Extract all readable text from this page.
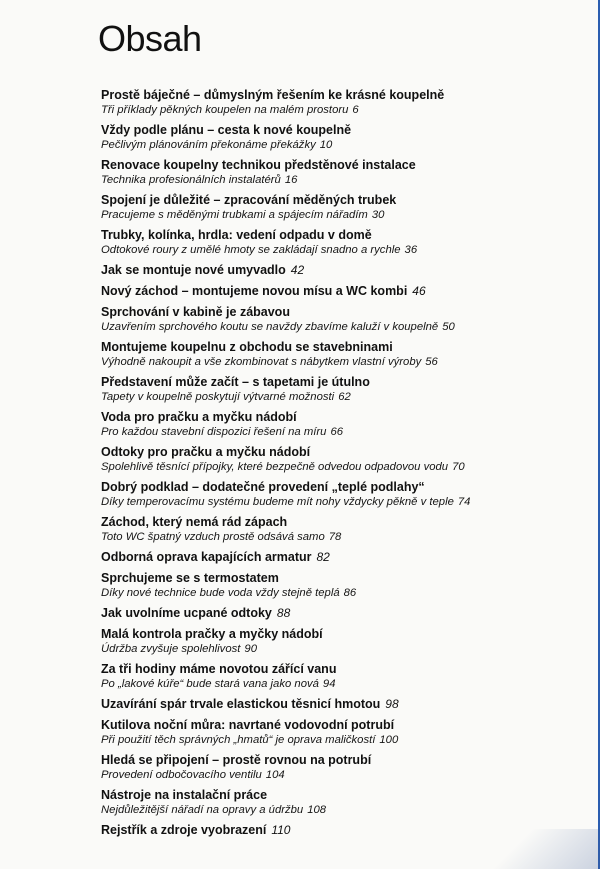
Obsah
Prostě báječné – důmyslným řešením ke krásné koupelně
Tři příklady pěkných koupelen na malém prostoru 6
Vždy podle plánu – cesta k nové koupelně
Pečlivým plánováním překonáme překážky 10
Renovace koupelny technikou předstěnové instalace
Technika profesionálních instalatérů 16
Spojení je důležité – zpracování měděných trubek
Pracujeme s měděnými trubkami a spájecím nářadím 30
Trubky, kolínka, hrdla: vedení odpadu v domě
Odtokové roury z umělé hmoty se zakládají snadno a rychle 36
Jak se montuje nové umyvadlo 42
Nový záchod – montujeme novou mísu a WC kombi 46
Sprchování v kabině je zábavou
Uzavřením sprchového koutu se navždy zbavíme kaluží v koupelně 50
Montujeme koupelnu z obchodu se stavebninami
Výhodně nakoupit a vše zkombinovat s nábytkem vlastní výroby 56
Představení může začít – s tapetami je útulno
Tapety v koupelně poskytují výtvarné možnosti 62
Voda pro pračku a myčku nádobí
Pro každou stavební dispozici řešení na míru 66
Odtoky pro pračku a myčku nádobí
Spolehlivě těsnící přípojky, které bezpečně odvedou odpadovou vodu 70
Dobrý podklad – dodatečné provedení „teplé podlahy“
Díky temperovacímu systému budeme mít nohy vždycky pěkně v teple 74
Záchod, který nemá rád zápach
Toto WC špatný vzduch prostě odsává samo 78
Odborná oprava kapajících armatur 82
Sprchujeme se s termostatem
Díky nové technice bude voda vždy stejně teplá 86
Jak uvolníme ucpané odtoky 88
Malá kontrola pračky a myčky nádobí
Údržba zvyšuje spolehlivost 90
Za tři hodiny máme novotou zářící vanu
Po „lakové kúře“ bude stará vana jako nová 94
Uzavírání spár trvale elastickou těsnicí hmotou 98
Kutilova noční můra: navrtané vodovodní potrubí
Při použití těch správných „hmatů“ je oprava maličkostí 100
Hledá se připojení – prostě rovnou na potrubí
Provedení odbočovacího ventilu 104
Nástroje na instalační práce
Nejdůležitější nářadí na opravy a údržbu 108
Rejstřík a zdroje vyobrazení 110
